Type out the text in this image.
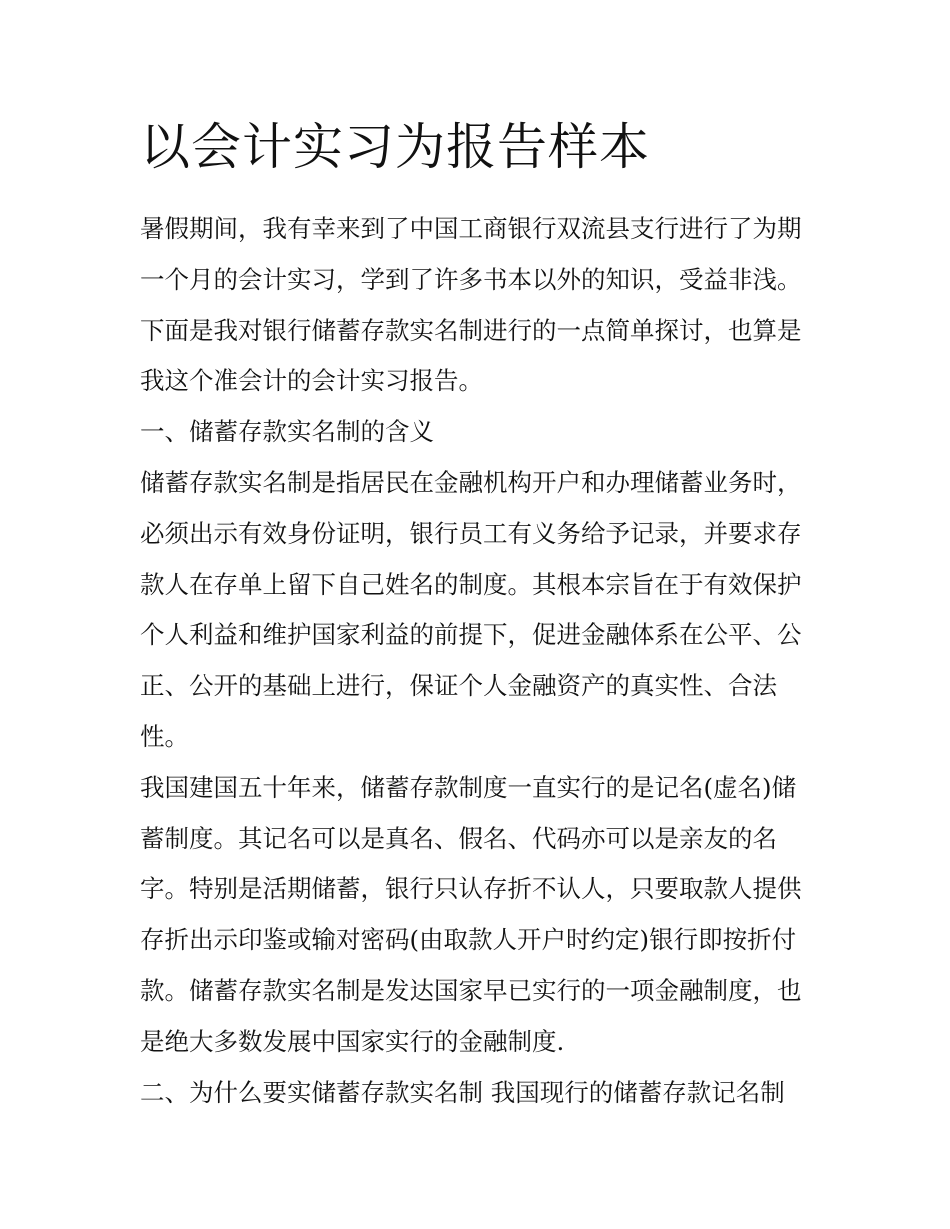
以会计实习为报告样本
暑假期间，我有幸来到了中国工商银行双流县支行进行了为期
一个月的会计实习，学到了许多书本以外的知识，受益非浅。
下面是我对银行储蓄存款实名制进行的一点简单探讨，也算是
我这个准会计的会计实习报告。
一、储蓄存款实名制的含义
储蓄存款实名制是指居民在金融机构开户和办理储蓄业务时，
必须出示有效身份证明，银行员工有义务给予记录，并要求存
款人在存单上留下自己姓名的制度。其根本宗旨在于有效保护
个人利益和维护国家利益的前提下，促进金融体系在公平、公
正、公开的基础上进行，保证个人金融资产的真实性、合法
性。
我国建国五十年来，储蓄存款制度一直实行的是记名(虚名)储
蓄制度。其记名可以是真名、假名、代码亦可以是亲友的名
字。特别是活期储蓄，银行只认存折不认人，只要取款人提供
存折出示印鉴或输对密码(由取款人开户时约定)银行即按折付
款。储蓄存款实名制是发达国家早已实行的一项金融制度，也
是绝大多数发展中国家实行的金融制度.
二、为什么要实储蓄存款实名制 我国现行的储蓄存款记名制
